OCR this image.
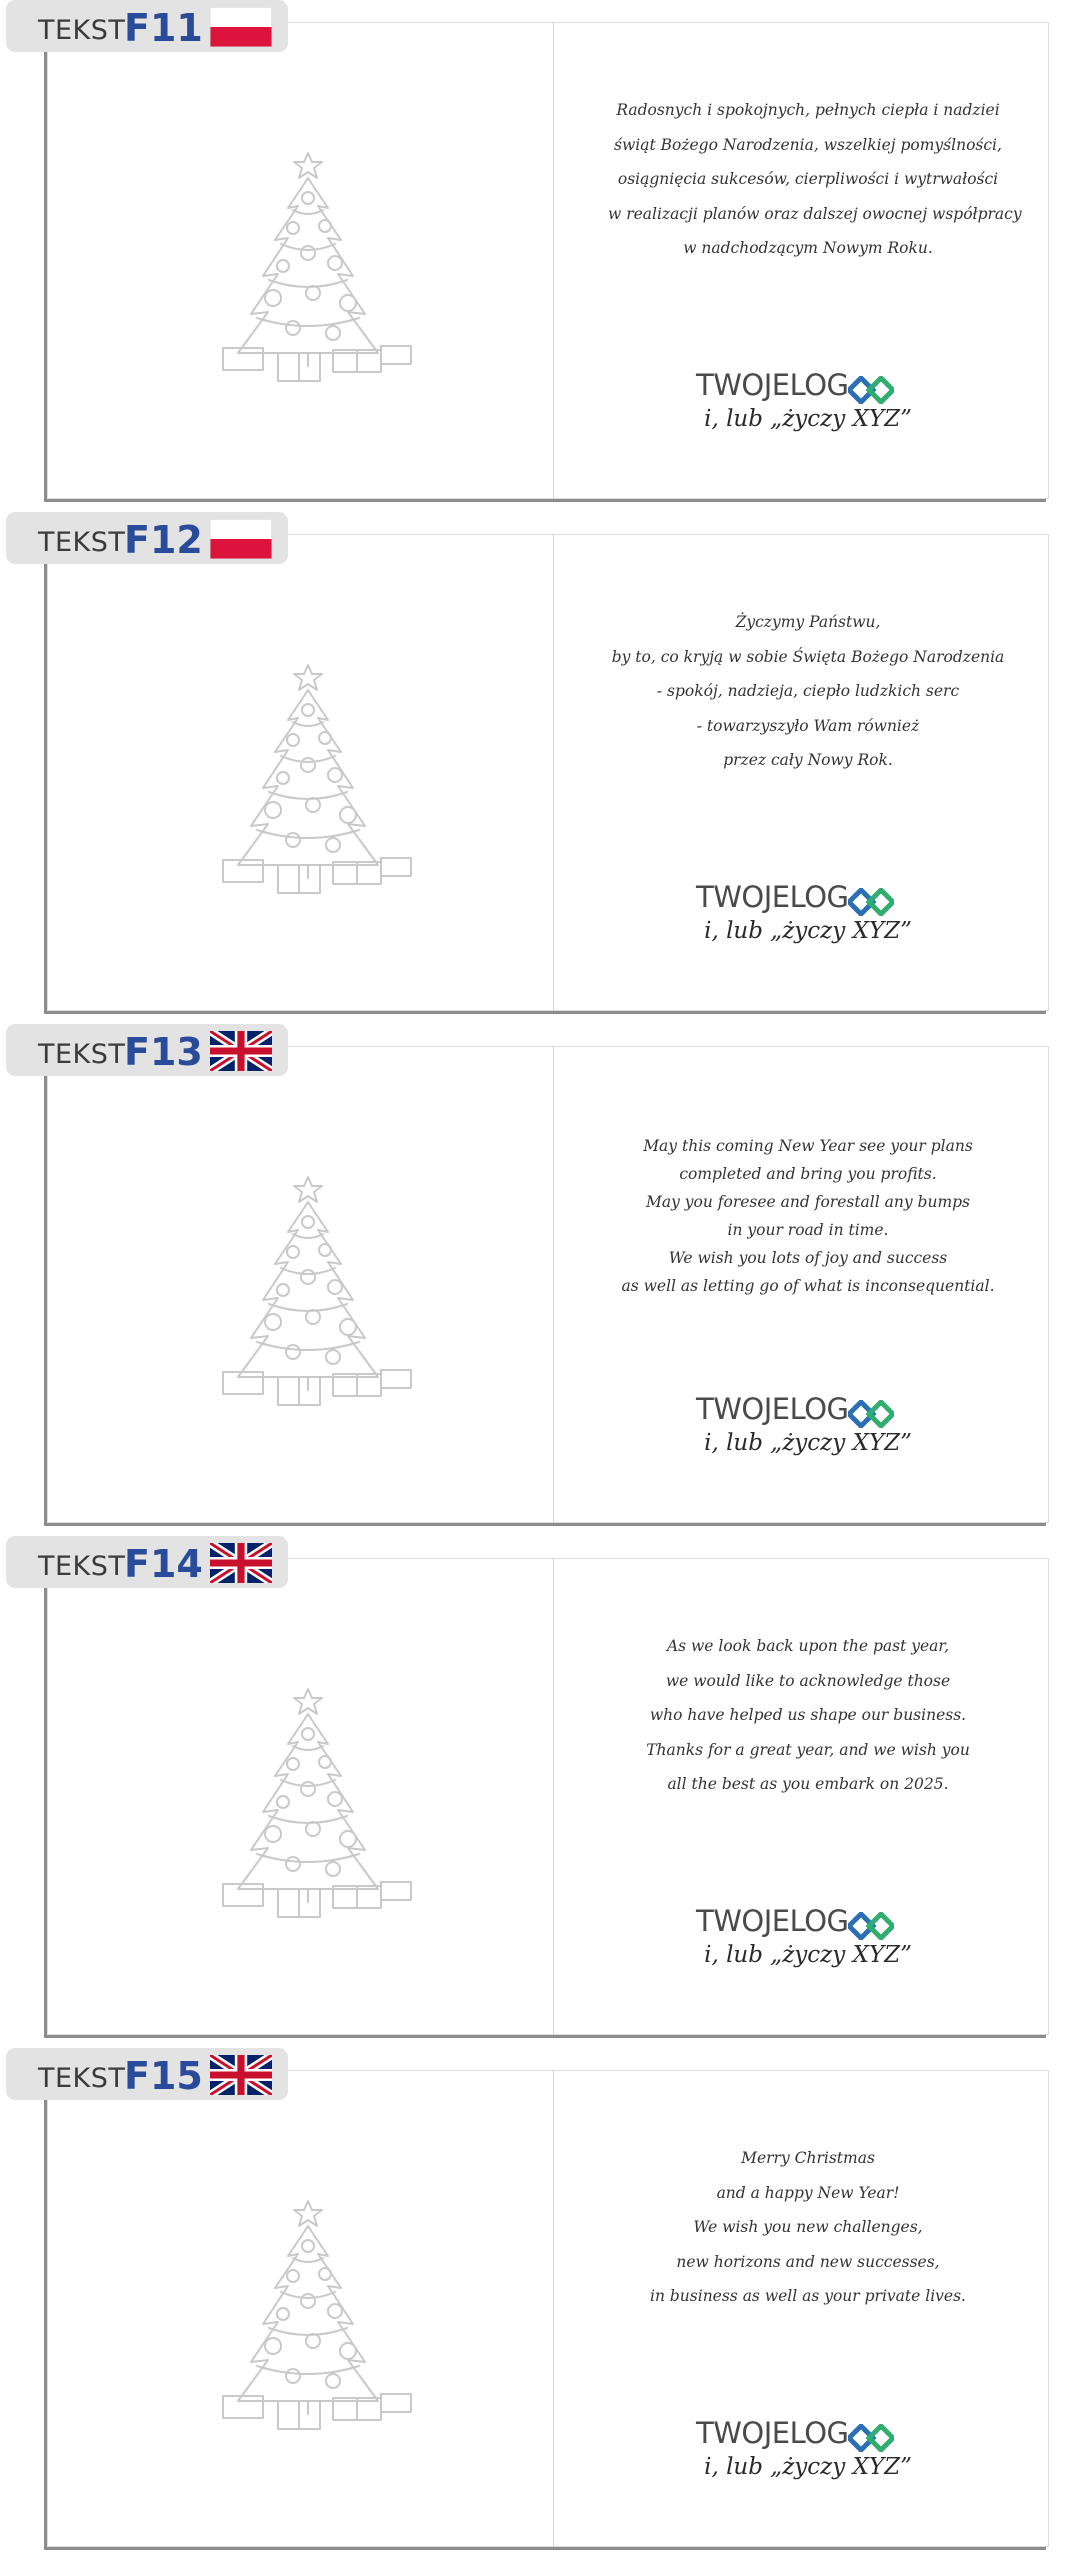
Radosnych i spokojnych, pełnych ciepła i nadziei
świąt Bożego Narodzenia, wszelkiej pomyślności,
osiągnięcia sukcesów, cierpliwości i wytrwałości
w realizacji planów oraz dalszej owocnej współpracy
w nadchodzącym Nowym Roku.
TWOJELOG
i, lub „życzy XYZ”
TEKST
F11
Życzymy Państwu,
by to, co kryją w sobie Święta Bożego Narodzenia
- spokój, nadzieja, ciepło ludzkich serc
- towarzyszyło Wam również
przez cały Nowy Rok.
TWOJELOG
i, lub „życzy XYZ”
TEKST
F12
May this coming New Year see your plans
completed and bring you profits.
May you foresee and forestall any bumps
in your road in time.
We wish you lots of joy and success
as well as letting go of what is inconsequential.
TWOJELOG
i, lub „życzy XYZ”
TEKST
F13
As we look back upon the past year,
we would like to acknowledge those
who have helped us shape our business.
Thanks for a great year, and we wish you
all the best as you embark on 2025.
TWOJELOG
i, lub „życzy XYZ”
TEKST
F14
Merry Christmas
and a happy New Year!
We wish you new challenges,
new horizons and new successes,
in business as well as your private lives.
TWOJELOG
i, lub „życzy XYZ”
TEKST
F15
